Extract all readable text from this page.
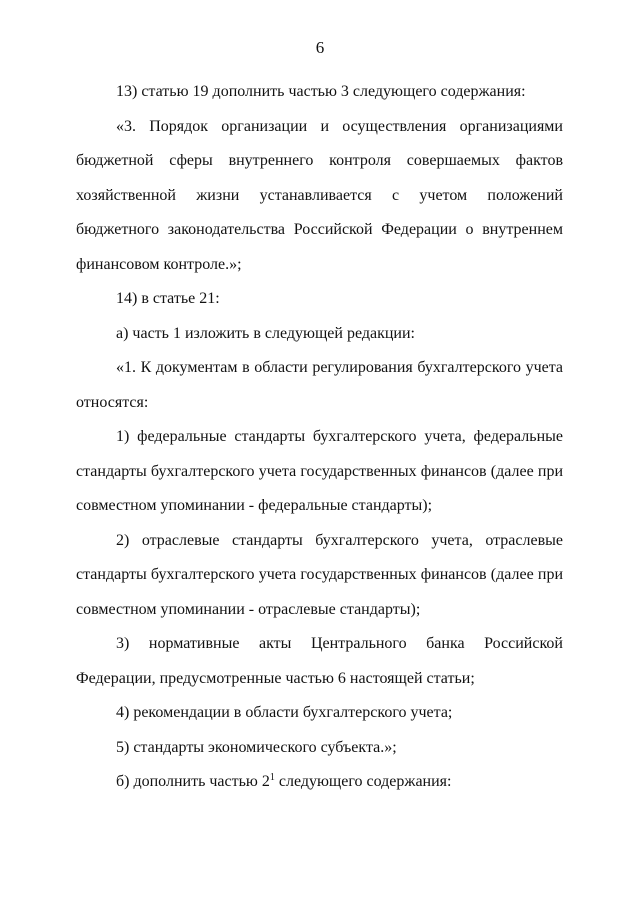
6

13) статью 19 дополнить частью 3 следующего содержания:

«3. Порядок организации и осуществления организациями бюджетной сферы внутреннего контроля совершаемых фактов хозяйственной жизни устанавливается с учетом положений бюджетного законодательства Российской Федерации о внутреннем финансовом контроле.»;

14) в статье 21:

а) часть 1 изложить в следующей редакции:

«1. К документам в области регулирования бухгалтерского учета относятся:

1) федеральные стандарты бухгалтерского учета, федеральные стандарты бухгалтерского учета государственных финансов (далее при совместном упоминании - федеральные стандарты);

2) отраслевые стандарты бухгалтерского учета, отраслевые стандарты бухгалтерского учета государственных финансов (далее при совместном упоминании - отраслевые стандарты);

3) нормативные акты Центрального банка Российской Федерации, предусмотренные частью 6 настоящей статьи;

4) рекомендации в области бухгалтерского учета;

5) стандарты экономического субъекта.»;

б) дополнить частью $2^1$ следующего содержания:
